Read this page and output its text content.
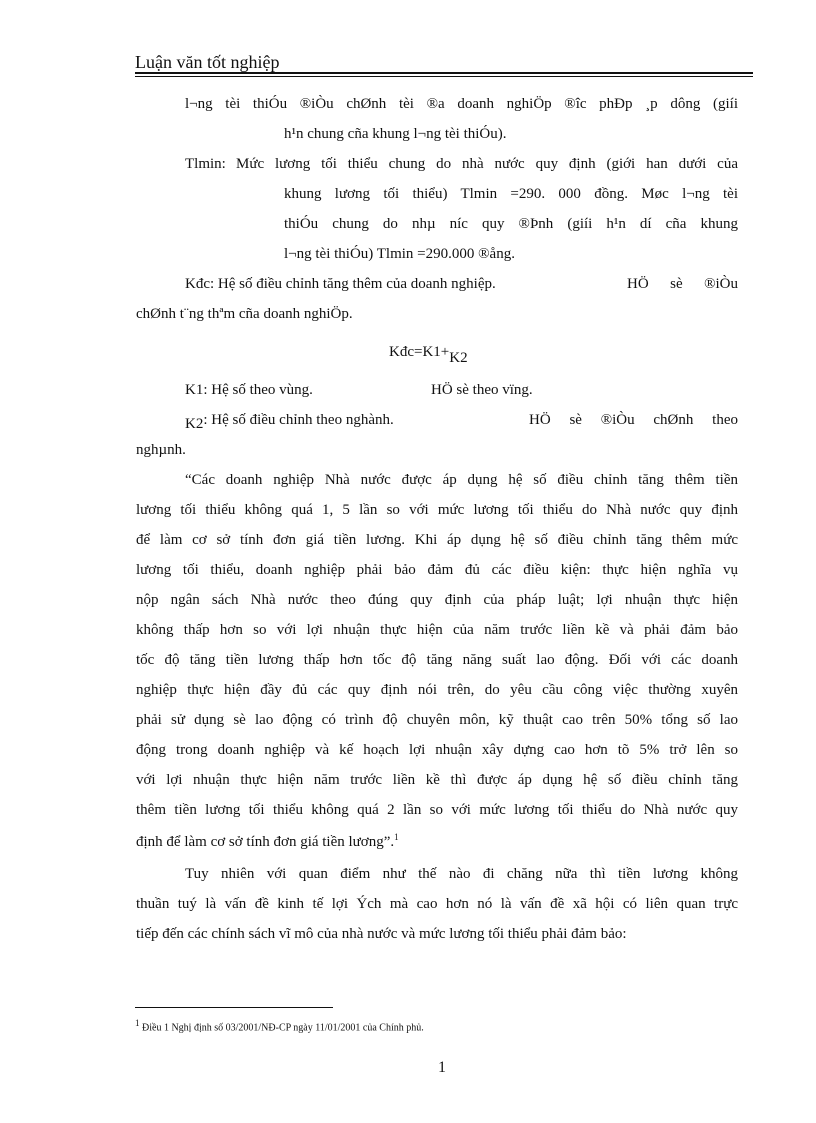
Luận văn tốt nghiệp
l¬ng tèi thiÓu ®iÒu chØnh tèi ®a doanh nghiÖp ®îc phÐp ¸p dông (giíi
h¹n chung cña khung l¬ng tèi thiÓu).
Tlmin: Mức lương tối thiểu chung do nhà nước quy định (giới han dưới của
khung lương tối thiểu) Tlmin =290. 000 đồng. Møc l¬ng tèi
thiÓu chung do nhµ níc quy ®Þnh (giíi h¹n dí cña khung
l¬ng tèi thiÓu) Tlmin =290.000 ®ång.
Kđc: Hệ số điều chỉnh tăng thêm của doanh nghiệp.	HÖ sè ®iÒu
chØnh t¨ng thªm cña doanh nghiÖp.
Kđc=K1+K2
K1: Hệ số theo vùng.	HÖ sè theo vïng.
K2: Hệ số điều chỉnh theo nghành.	HÖ sè ®iÒu chØnh theo
nghµnh.
“Các doanh nghiệp Nhà nước được áp dụng hệ số điều chỉnh tăng thêm tiền
lương tối thiểu không quá 1, 5 lần so với mức lương tối thiểu do Nhà nước quy định
để làm cơ sở tính đơn giá tiền lương. Khi áp dụng hệ số điều chỉnh tăng thêm mức
lương tối thiểu, doanh nghiệp phải bảo đảm đủ các điều kiện: thực hiện nghĩa vụ
nộp ngân sách Nhà nước theo đúng quy định của pháp luật; lợi nhuận thực hiện
không thấp hơn so với lợi nhuận thực hiện của năm trước liền kề và phải đảm bảo
tốc độ tăng tiền lương thấp hơn tốc độ tăng năng suất lao động. Đối với các doanh
nghiệp thực hiện đầy đủ các quy định nói trên, do yêu cầu công việc thường xuyên
phải sử dụng sè lao động có trình độ chuyên môn, kỹ thuật cao trên 50% tổng số lao
động trong doanh nghiệp và kế hoạch lợi nhuận xây dựng cao hơn tõ 5% trở lên so
với lợi nhuận thực hiện năm trước liền kề thì được áp dụng hệ số điều chỉnh tăng
thêm tiền lương tối thiểu không quá 2 lần so với mức lương tối thiểu do Nhà nước quy
định để làm cơ sở tính đơn giá tiền lương”.$^1$
Tuy nhiên với quan điểm như thế nào đi chăng nữa thì tiền lương không
thuần tuý là vấn đề kinh tế lợi Ých mà cao hơn nó là vấn đề xã hội có liên quan trực
tiếp đến các chính sách vĩ mô của nhà nước và mức lương tối thiểu phải đảm bảo:
$^1$ Điều 1 Nghị định số 03/2001/NĐ-CP ngày 11/01/2001 của Chính phủ.
1
